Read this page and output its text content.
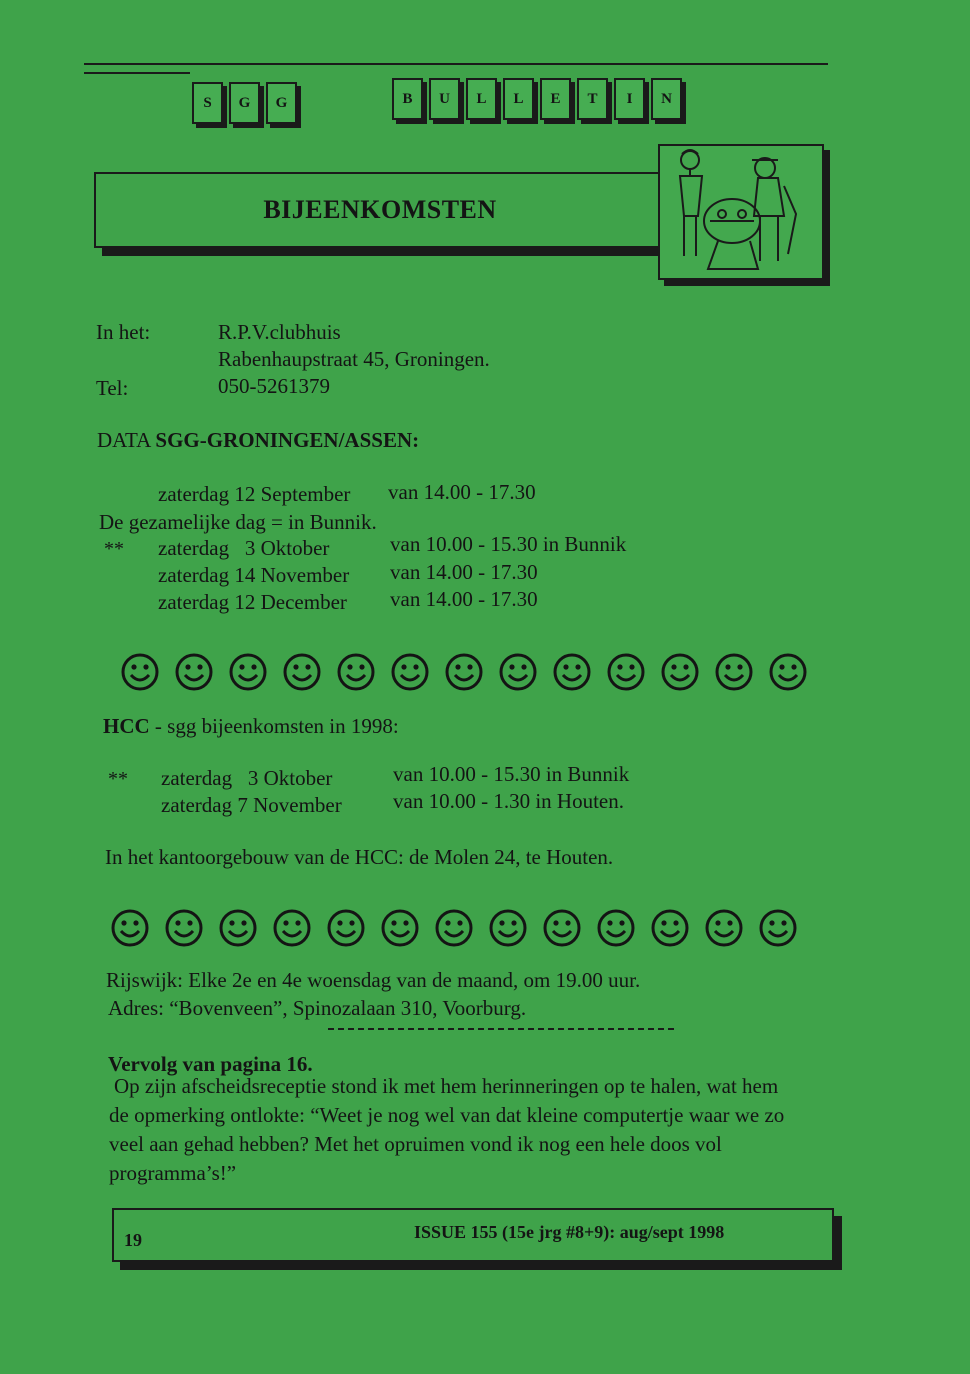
S	G	G	B	U	L	L	E	T	I	N
BIJEENKOMSTEN
In het:	R.P.V.clubhuis
Rabenhaupstraat 45, Groningen.
Tel:	050-5261379
DATA SGG-GRONINGEN/ASSEN:
zaterdag 12 September van 14.00 - 17.30
De gezamelijke dag = in Bunnik.
** zaterdag   3 Oktober	van 10.00 - 15.30 in Bunnik
zaterdag 14 November van 14.00 - 17.30
zaterdag 12 December van 14.00 - 17.30
HCC - sgg bijeenkomsten in 1998:
** zaterdag   3 Oktober	van 10.00 - 15.30 in Bunnik
zaterdag 7 November van 10.00 - 1.30 in Houten.
In het kantoorgebouw van de HCC: de Molen 24, te Houten.
Rijswijk: Elke 2e en 4e woensdag van de maand, om 19.00 uur.
Adres: “Bovenveen”, Spinozalaan 310, Voorburg.
Vervolg van pagina 16.
Op zijn afscheidsreceptie stond ik met hem herinneringen op te halen, wat hem
de opmerking ontlokte: “Weet je nog wel van dat kleine computertje waar we zo
veel aan gehad hebben? Met het opruimen vond ik nog een hele doos vol
programma’s!”
19	ISSUE 155 (15e jrg #8+9): aug/sept 1998
